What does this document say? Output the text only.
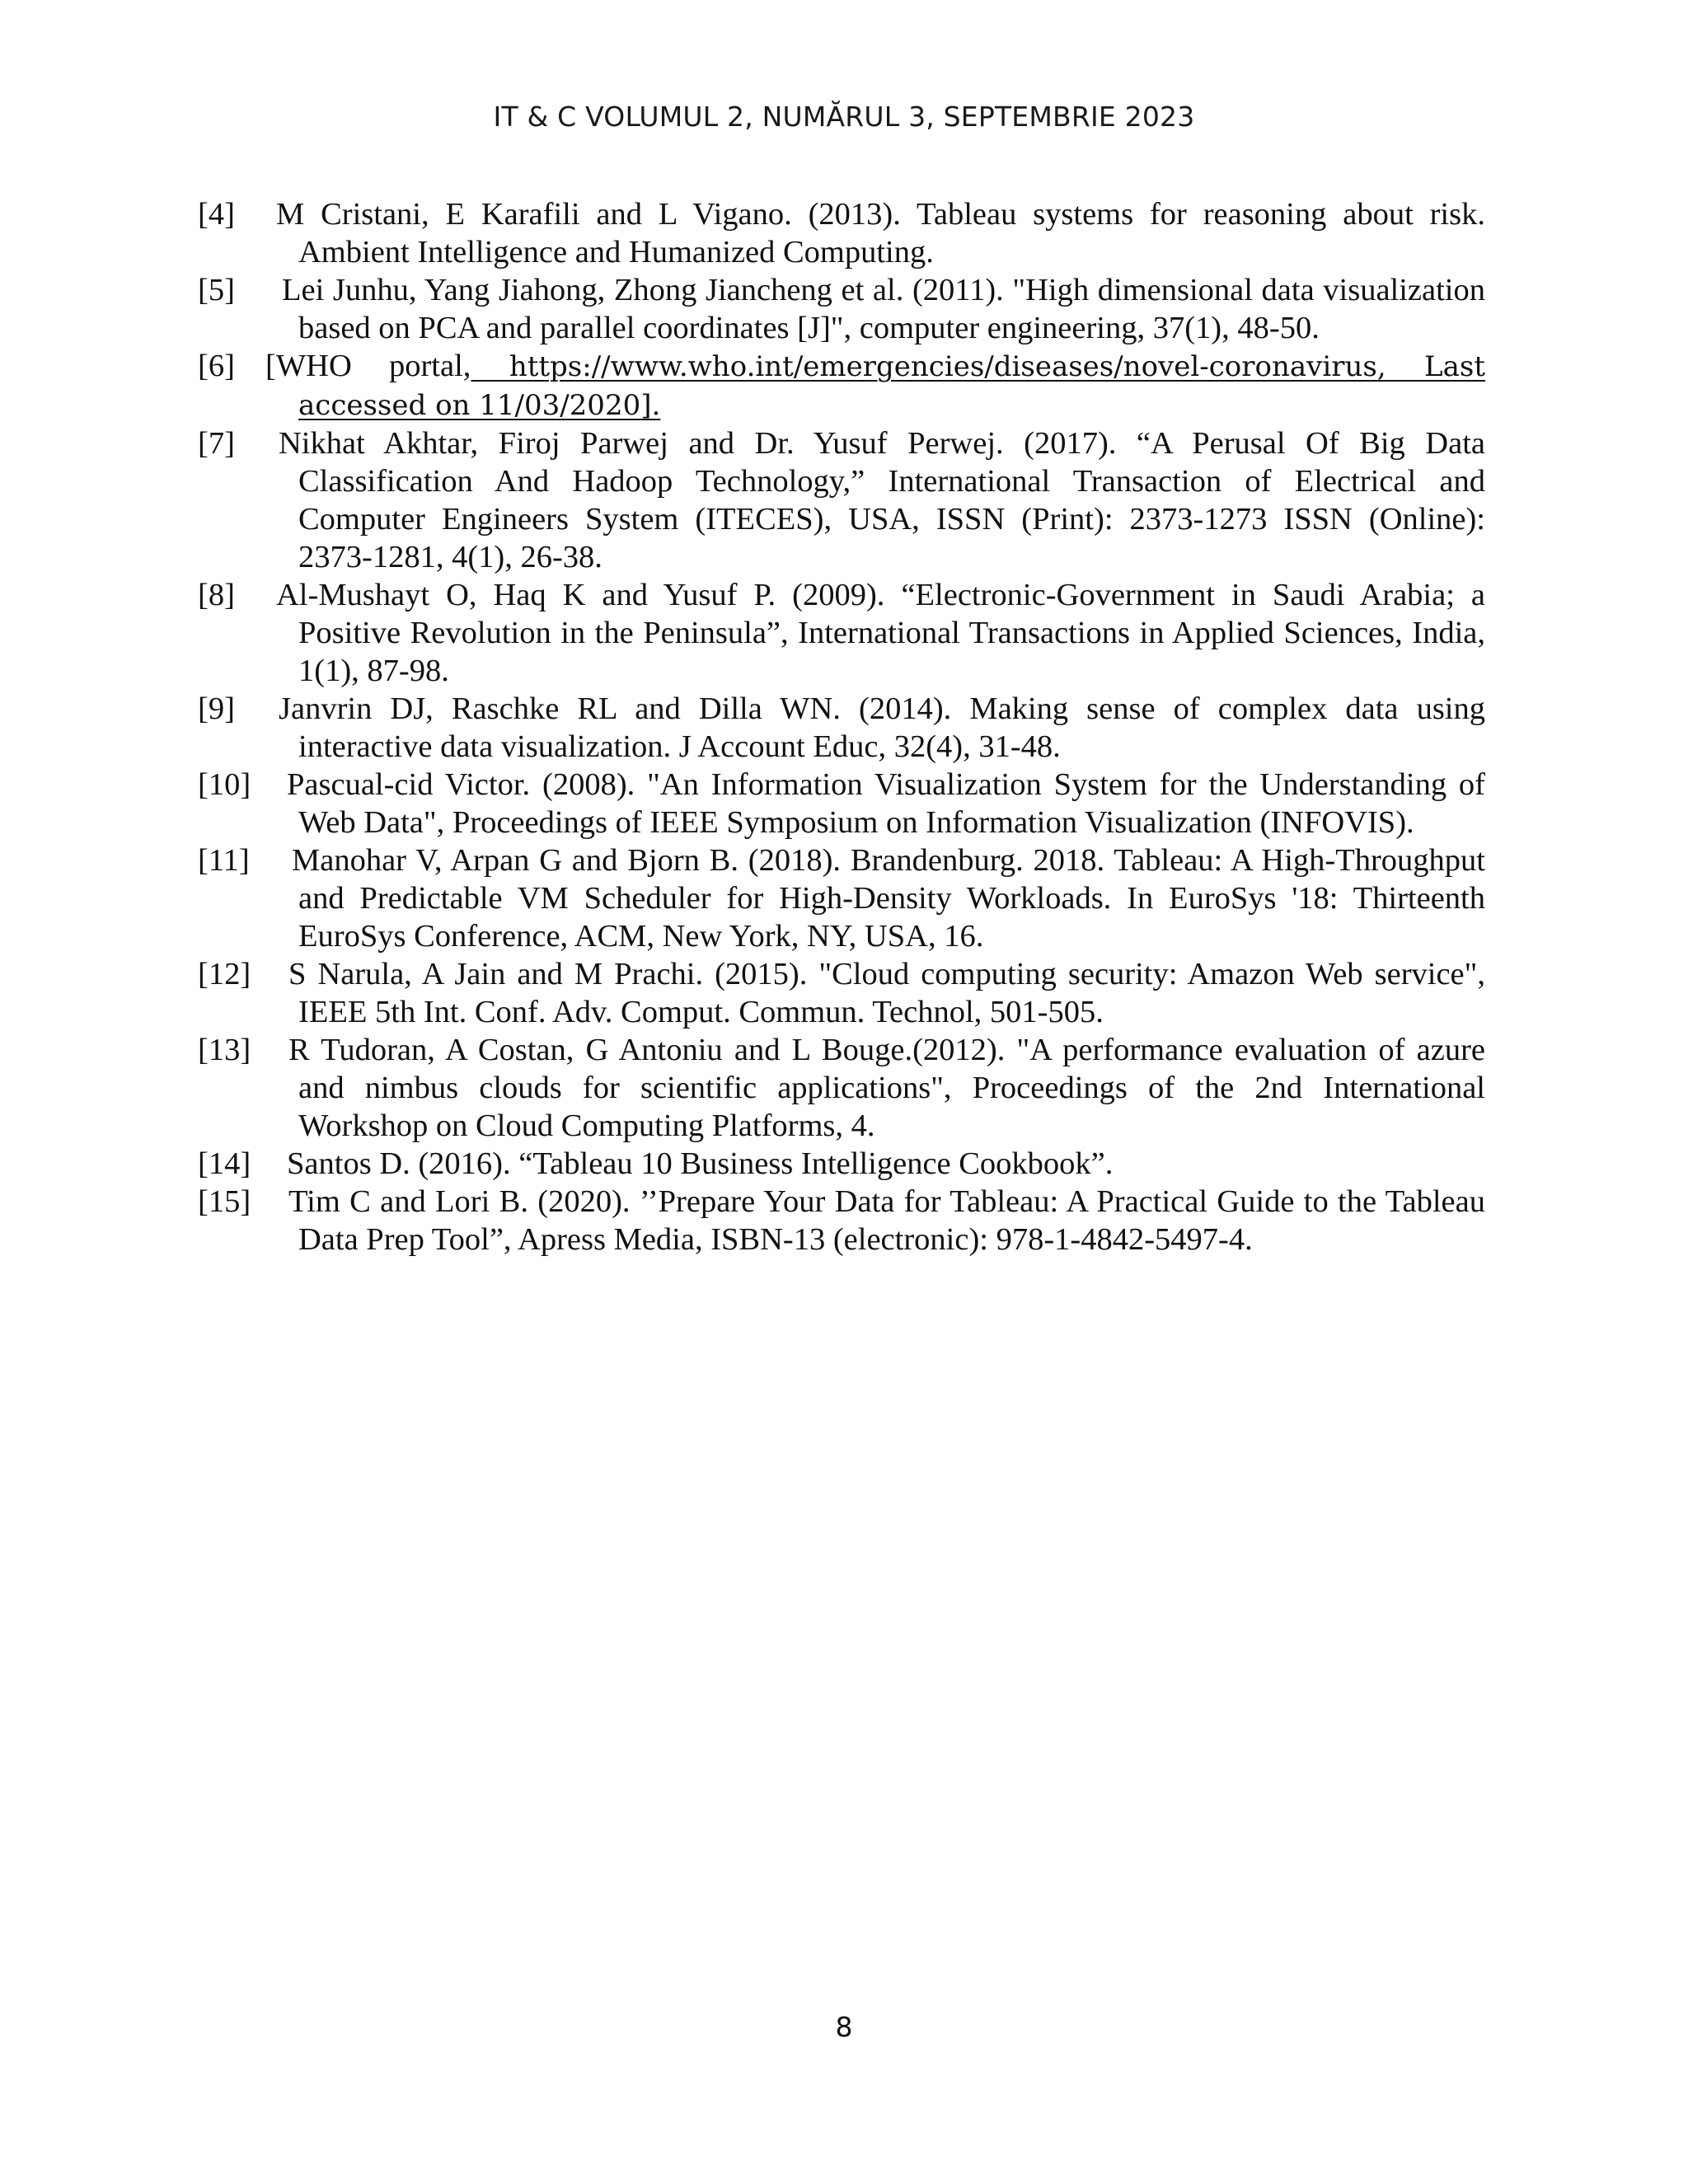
IT & C VOLUMUL 2, NUMĂRUL 3, SEPTEMBRIE 2023
[4] M Cristani, E Karafili and L Vigano. (2013). Tableau systems for reasoning about risk. Ambient Intelligence and Humanized Computing.
[5] Lei Junhu, Yang Jiahong, Zhong Jiancheng et al. (2011). "High dimensional data visualization based on PCA and parallel coordinates [J]", computer engineering, 37(1), 48-50.
[6] [WHO portal, https://www.who.int/emergencies/diseases/novel-coronavirus, Last accessed on 11/03/2020].
[7] Nikhat Akhtar, Firoj Parwej and Dr. Yusuf Perwej. (2017). “A Perusal Of Big Data Classification And Hadoop Technology,” International Transaction of Electrical and Computer Engineers System (ITECES), USA, ISSN (Print): 2373-1273 ISSN (Online): 2373-1281, 4(1), 26-38.
[8] Al-Mushayt O, Haq K and Yusuf P. (2009). “Electronic-Government in Saudi Arabia; a Positive Revolution in the Peninsula”, International Transactions in Applied Sciences, India, 1(1), 87-98.
[9] Janvrin DJ, Raschke RL and Dilla WN. (2014). Making sense of complex data using interactive data visualization. J Account Educ, 32(4), 31-48.
[10] Pascual-cid Victor. (2008). "An Information Visualization System for the Understanding of Web Data", Proceedings of IEEE Symposium on Information Visualization (INFOVIS).
[11] Manohar V, Arpan G and Bjorn B. (2018). Brandenburg. 2018. Tableau: A High-Throughput and Predictable VM Scheduler for High-Density Workloads. In EuroSys '18: Thirteenth EuroSys Conference, ACM, New York, NY, USA, 16.
[12] S Narula, A Jain and M Prachi. (2015). "Cloud computing security: Amazon Web service", IEEE 5th Int. Conf. Adv. Comput. Commun. Technol, 501-505.
[13] R Tudoran, A Costan, G Antoniu and L Bouge.(2012). "A performance evaluation of azure and nimbus clouds for scientific applications", Proceedings of the 2nd International Workshop on Cloud Computing Platforms, 4.
[14] Santos D. (2016). “Tableau 10 Business Intelligence Cookbook”.
[15] Tim C and Lori B. (2020). ’’Prepare Your Data for Tableau: A Practical Guide to the Tableau Data Prep Tool”, Apress Media, ISBN-13 (electronic): 978-1-4842-5497-4.
8
